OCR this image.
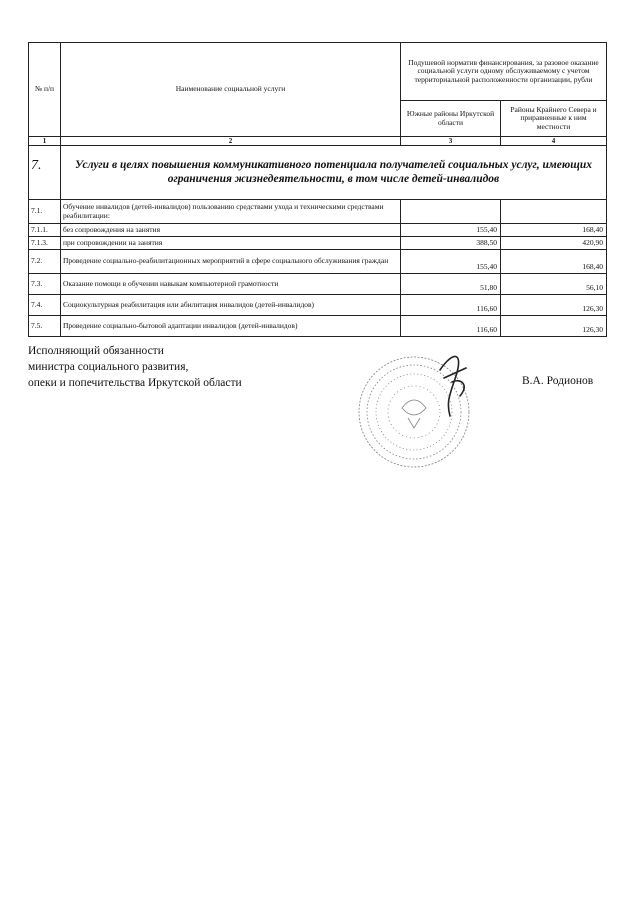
№ п/п	Наименование социальной услуги	Подушевой норматив финансирования, за разовое оказание социальной услуги одному обслуживаемому с учетом территориальной расположенности организации, рубли	
		Южные районы Иркутской области	Районы Крайнего Севера и приравненные к ним местности
1	2	3	4
7.	Услуги в целях повышения коммуникативного потенциала получателей социальных услуг, имеющих ограничения жизнедеятельности, в том числе детей-инвалидов		
7.1.	Обучение инвалидов (детей-инвалидов) пользованию средствами ухода и техническими средствами реабилитации:		
7.1.1.	без сопровождения на занятия	155,40	168,40
7.1.3.	при сопровождении на занятия	388,50	420,90
7.2.	Проведение социально-реабилитационных мероприятий в сфере социального обслуживания граждан	155,40	168,40
7.3.	Оказание помощи в обучении навыкам компьютерной грамотности	51,80	56,10
7.4.	Социокультурная реабилитация или абилитация инвалидов (детей-инвалидов)	116,60	126,30
7.5.	Проведение социально-бытовой адаптации инвалидов (детей-инвалидов)	116,60	126,30
Исполняющий обязанности
министра социального развития,
опеки и попечительства Иркутской области	В.А. Родионов
